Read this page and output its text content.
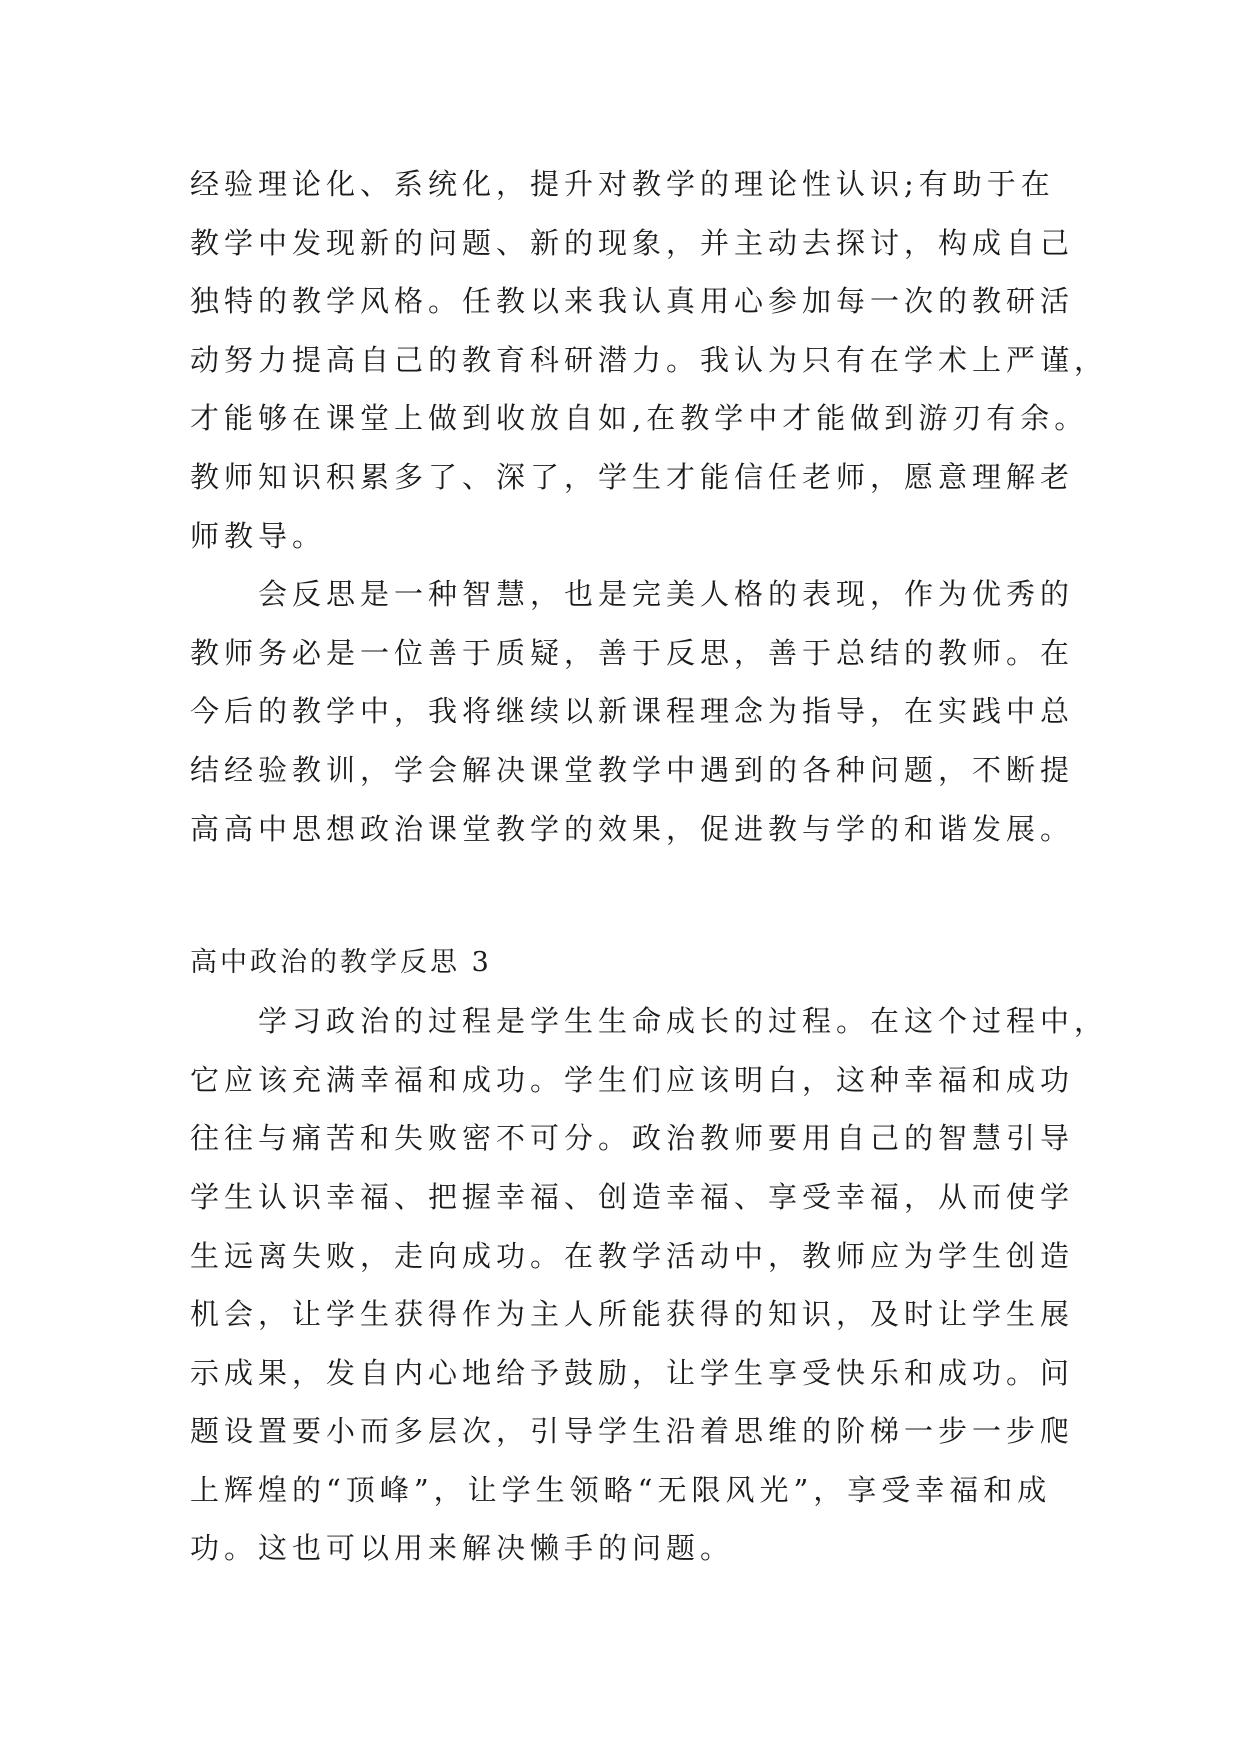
经验理论化、系统化，提升对教学的理论性认识;有助于在
教学中发现新的问题、新的现象，并主动去探讨，构成自己
独特的教学风格。任教以来我认真用心参加每一次的教研活
动努力提高自己的教育科研潜力。我认为只有在学术上严谨，
才能够在课堂上做到收放自如,在教学中才能做到游刃有余。
教师知识积累多了、深了，学生才能信任老师，愿意理解老
师教导。
会反思是一种智慧，也是完美人格的表现，作为优秀的
教师务必是一位善于质疑，善于反思，善于总结的教师。在
今后的教学中，我将继续以新课程理念为指导，在实践中总
结经验教训，学会解决课堂教学中遇到的各种问题，不断提
高高中思想政治课堂教学的效果，促进教与学的和谐发展。
高中政治的教学反思 3
学习政治的过程是学生生命成长的过程。在这个过程中，
它应该充满幸福和成功。学生们应该明白，这种幸福和成功
往往与痛苦和失败密不可分。政治教师要用自己的智慧引导
学生认识幸福、把握幸福、创造幸福、享受幸福，从而使学
生远离失败，走向成功。在教学活动中，教师应为学生创造
机会，让学生获得作为主人所能获得的知识，及时让学生展
示成果，发自内心地给予鼓励，让学生享受快乐和成功。问
题设置要小而多层次，引导学生沿着思维的阶梯一步一步爬
上辉煌的“顶峰”，让学生领略“无限风光”，享受幸福和成
功。这也可以用来解决懒手的问题。
